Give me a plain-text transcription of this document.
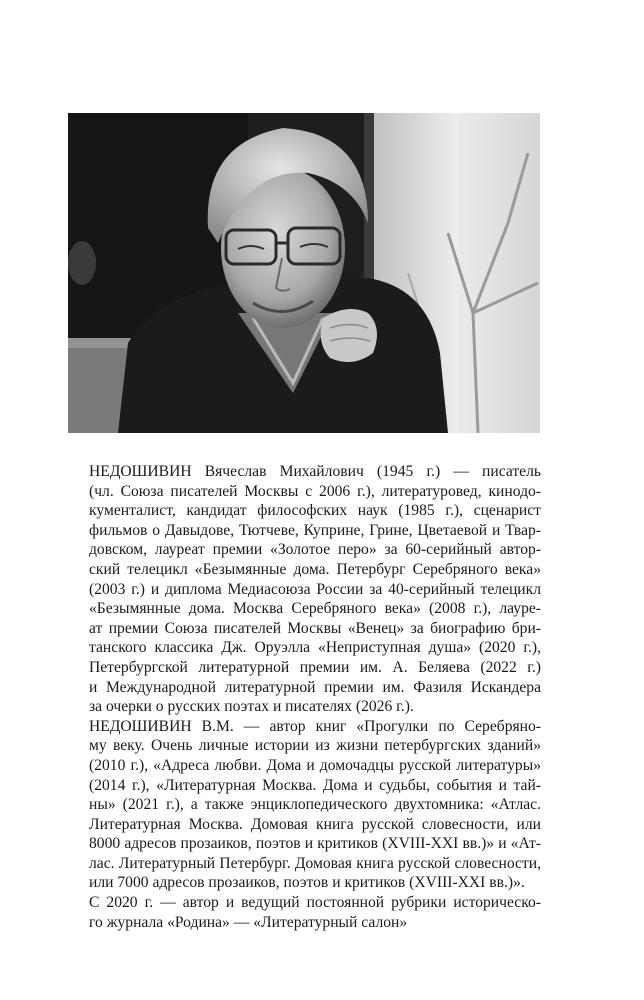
НЕДОШИВИН Вячеслав Михайлович (1945 г.) — писатель
(чл. Союза писателей Москвы с 2006 г.), литературовед, кинодо-
кументалист, кандидат философских наук (1985 г.), сценарист
фильмов о Давыдове, Тютчеве, Куприне, Грине, Цветаевой и Твар-
довском, лауреат премии «Золотое перо» за 60-серийный автор-
ский телецикл «Безымянные дома. Петербург Серебряного века»
(2003 г.) и диплома Медиасоюза России за 40-серийный телецикл
«Безымянные дома. Москва Серебряного века» (2008 г.), лауре-
ат премии Союза писателей Москвы «Венец» за биографию бри-
танского классика Дж. Оруэлла «Неприступная душа» (2020 г.),
Петербургской литературной премии им. А. Беляева (2022 г.)
и Международной литературной премии им. Фазиля Искандера
за очерки о русских поэтах и писателях (2026 г.).

НЕДОШИВИН В.М. — автор книг «Прогулки по Серебряно-
му веку. Очень личные истории из жизни петербургских зданий»
(2010 г.), «Адреса любви. Дома и домочадцы русской литературы»
(2014 г.), «Литературная Москва. Дома и судьбы, события и тай-
ны» (2021 г.), а также энциклопедического двухтомника: «Атлас.
Литературная Москва. Домовая книга русской словесности, или
8000 адресов прозаиков, поэтов и критиков (XVIII-XXI вв.)» и «Ат-
лас. Литературный Петербург. Домовая книга русской словесности,
или 7000 адресов прозаиков, поэтов и критиков (XVIII-XXI вв.)».

С 2020 г. — автор и ведущий постоянной рубрики историческо-
го журнала «Родина» — «Литературный салон»
